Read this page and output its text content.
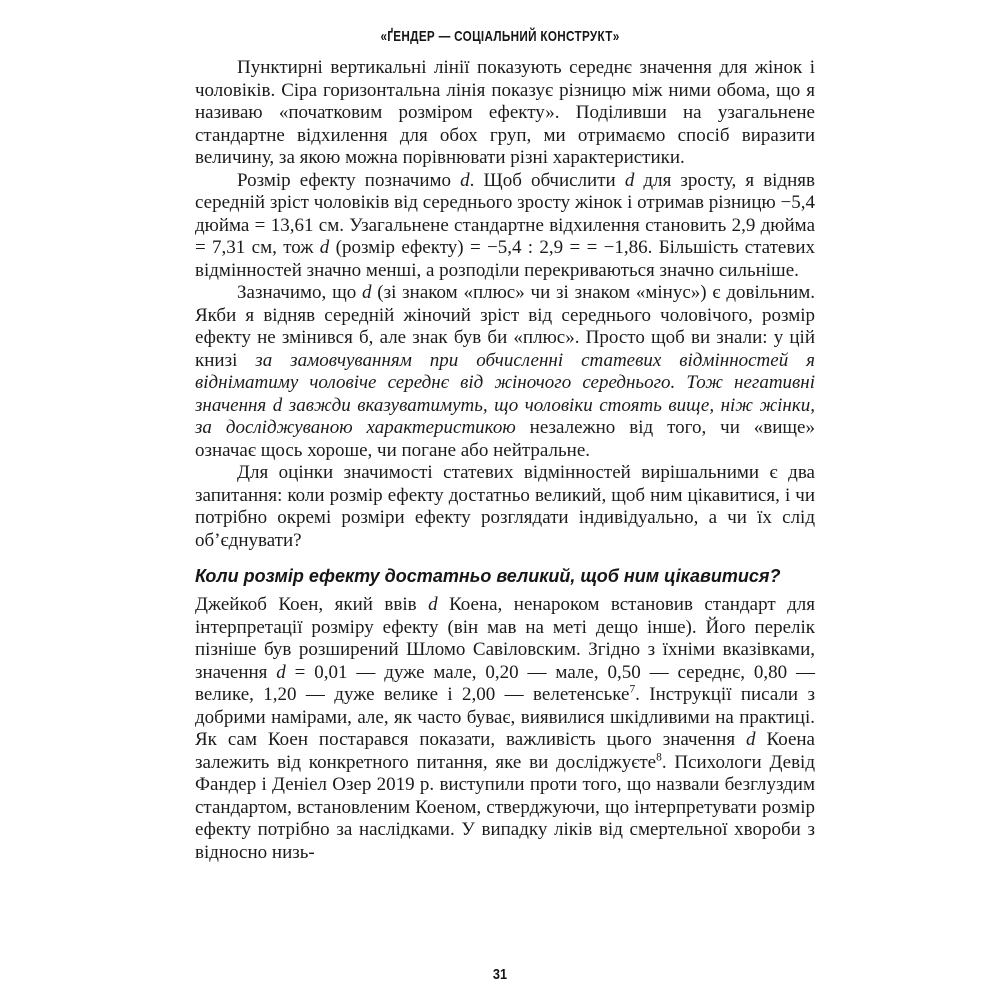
«ҐЕНДЕР — СОЦІАЛЬНИЙ КОНСТРУКТ»

Пунктирні вертикальні лінії показують середнє значення для жінок і чоловіків. Сіра горизонтальна лінія показує різницю між ними обома, що я називаю «початковим розміром ефекту». Поділивши на узагальнене стандартне відхилення для обох груп, ми отримаємо спосіб виразити величину, за якою можна порівнювати різні характеристики.

Розмір ефекту позначимо d. Щоб обчислити d для зросту, я відняв середній зріст чоловіків від середнього зросту жінок і отримав різницю −5,4 дюйма = 13,61 см. Узагальнене стандартне відхилення становить 2,9 дюйма = 7,31 см, тож d (розмір ефекту) = −5,4 : 2,9 = = −1,86. Більшість статевих відмінностей значно менші, а розподіли перекриваються значно сильніше.

Зазначимо, що d (зі знаком «плюс» чи зі знаком «мінус») є довільним. Якби я відняв середній жіночий зріст від середнього чоловічого, розмір ефекту не змінився б, але знак був би «плюс». Просто щоб ви знали: у цій книзі за замовчуванням при обчисленні статевих відмінностей я відніматиму чоловіче середнє від жіночого середнього. Тож негативні значення d завжди вказуватимуть, що чоловіки стоять вище, ніж жінки, за досліджуваною характеристикою незалежно від того, чи «вище» означає щось хороше, чи погане або нейтральне.

Для оцінки значимості статевих відмінностей вирішальними є два запитання: коли розмір ефекту достатньо великий, щоб ним цікавитися, і чи потрібно окремі розміри ефекту розглядати індивідуально, а чи їх слід об’єднувати?

Коли розмір ефекту достатньо великий, щоб ним цікавитися?

Джейкоб Коен, який ввів d Коена, ненароком встановив стандарт для інтерпретації розміру ефекту (він мав на меті дещо інше). Його перелік пізніше був розширений Шломо Савіловским. Згідно з їхніми вказівками, значення d = 0,01 — дуже мале, 0,20 — мале, 0,50 — середнє, 0,80 — велике, 1,20 — дуже велике і 2,00 — велетенське$^7$. Інструкції писали з добрими намірами, але, як часто буває, виявилися шкідливими на практиці. Як сам Коен постарався показати, важливість цього значення d Коена залежить від конкретного питання, яке ви досліджуєте$^8$. Психологи Девід Фандер і Деніел Озер 2019 р. виступили проти того, що назвали безглуздим стандартом, встановленим Коеном, стверджуючи, що інтерпретувати розмір ефекту потрібно за наслідками. У випадку ліків від смертельної хвороби з відносно низь-

31
